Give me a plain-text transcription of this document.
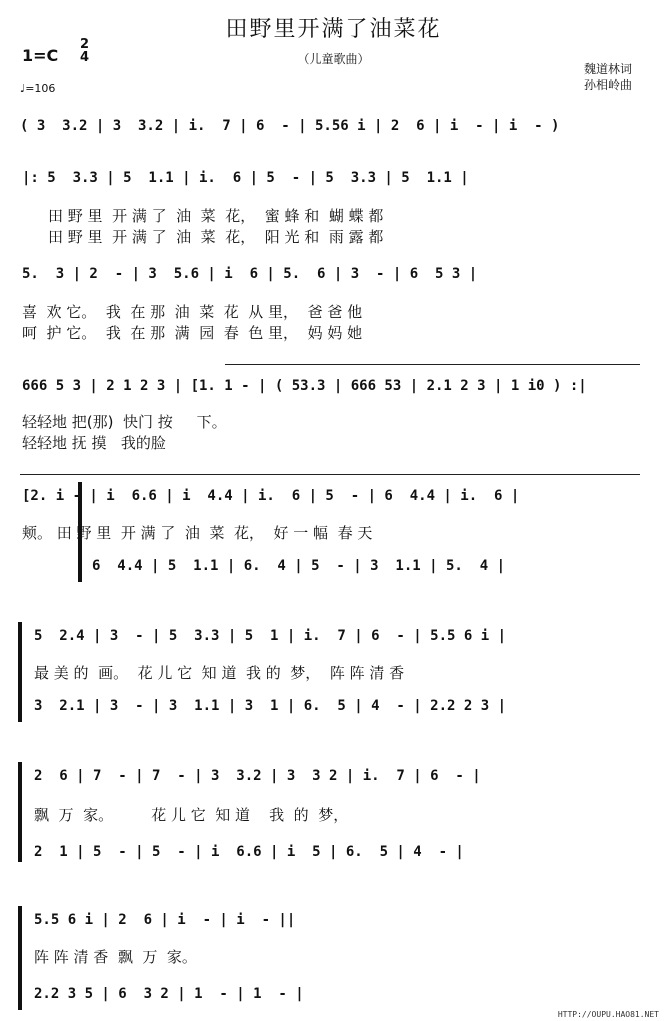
田野里开满了油菜花
（儿童歌曲）
1=C
2
4
♩=106
魏道林词
孙相岭曲
( 3  3.2 | 3  3.2 | i.  7 | 6  - | 5.56 i | 2  6 | i  - | i  - )
|: 5  3.3 | 5  1.1 | i.  6 | 5  - | 5  3.3 | 5  1.1 |
田 野 里  开 满 了  油  菜  花，  蜜 蜂 和  蝴 蝶 都
田 野 里  开 满 了  油  菜  花，  阳 光 和  雨 露 都
5.  3 | 2  - | 3  5.6 | i  6 | 5.  6 | 3  - | 6  5 3 |
喜  欢 它。  我  在 那  油  菜  花  从 里，  爸 爸 他
呵  护 它。  我  在 那  满  园  春  色 里，  妈 妈 她
666 5 3 | 2 1 2 3 | [1. 1 - | ( 53.3 | 666 53 | 2.1 2 3 | 1 i0 ) :|
轻轻地 把(那)  快门 按     下。
轻轻地 抚 摸   我的脸
[2. i - | i  6.6 | i  4.4 | i.  6 | 5  - | 6  4.4 | i.  6 |
颊。 田 野 里  开 满 了  油  菜  花，  好 一 幅  春 天
6  4.4 | 5  1.1 | 6.  4 | 5  - | 3  1.1 | 5.  4 |
5  2.4 | 3  - | 5  3.3 | 5  1 | i.  7 | 6  - | 5.5 6 i |
最 美 的  画。  花 儿 它  知 道  我 的  梦，  阵 阵 清 香
3  2.1 | 3  - | 3  1.1 | 3  1 | 6.  5 | 4  - | 2.2 2 3 |
2  6 | 7  - | 7  - | 3  3.2 | 3  3 2 | i.  7 | 6  - |
飘  万  家。        花 儿 它  知 道    我  的  梦，
2  1 | 5  - | 5  - | i  6.6 | i  5 | 6.  5 | 4  - |
5.5 6 i | 2  6 | i  - | i  - ||
阵 阵 清 香  飘  万  家。
2.2 3 5 | 6  3 2 | 1  - | 1  - |
HTTP://OUPU.HAO81.NET
